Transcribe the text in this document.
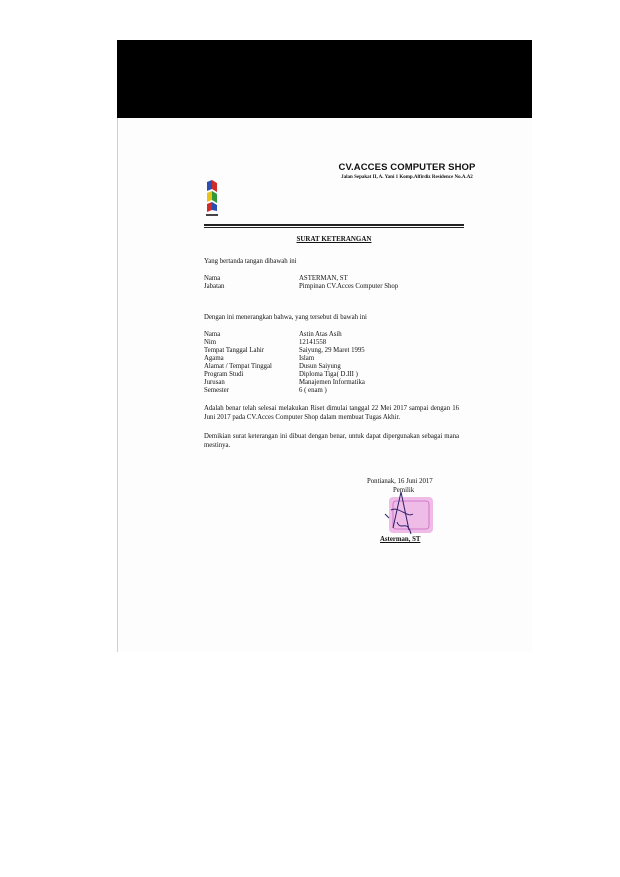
CV.ACCES COMPUTER SHOP
Jalan Sepakat II, A. Yani 1 Komp.Alfirdiz Residence No.A.A2
SURAT KETERANGAN
Yang bertanda tangan dibawah ini
Nama	ASTERMAN, ST
Jabatan	Pimpinan CV.Acces Computer Shop
Dengan ini menerangkan bahwa, yang tersebut di bawah ini
Nama	Astin Atas Asih
Nim	12141558
Tempat Tanggal Lahir	Saiyung, 29 Maret 1995
Agama	Islam
Alamat / Tempat Tinggal	Dusun Saiyung
Program Studi	Diploma Tiga( D.III )
Jurusan	Manajemen Informatika
Semester	6 ( enam )
Adalah benar telah selesai melakukan Riset dimulai tanggal 22 Mei 2017 sampai dengan 16 Juni 2017 pada CV.Acces Computer Shop dalam membuat Tugas Akhir.
Demikian surat keterangan ini dibuat dengan benar, untuk dapat dipergunakan sebagai mana mestinya.
Pontianak, 16 Juni 2017
Pemilik
Asterman, ST
